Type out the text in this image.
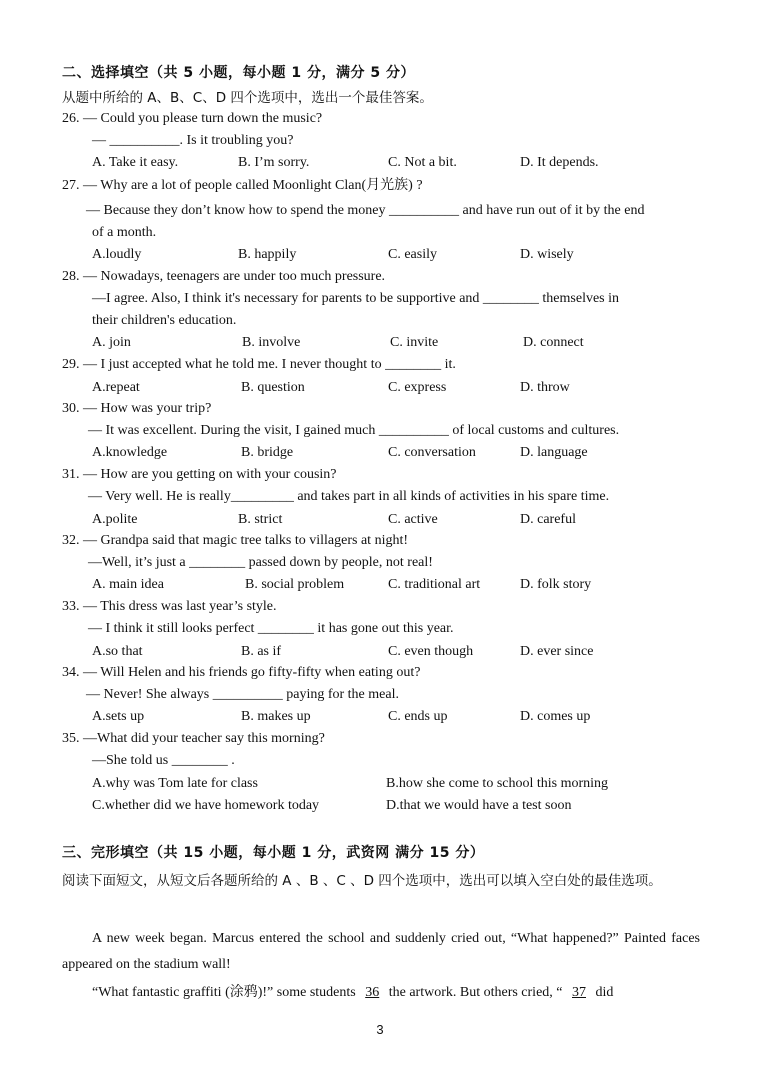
二、选择填空（共 5 小题，每小题 1 分，满分 5 分）
从题中所给的 A、B、C、D 四个选项中，选出一个最佳答案。
26. — Could you please turn down the music?
— __________. Is it troubling you?
A. Take it easy.	B. I’m sorry.	C. Not a bit.	D. It depends.
27. — Why are a lot of people called Moonlight Clan(月光族) ?
— Because they don’t know how to spend the money __________ and have run out of it by the end
of a month.
A.loudly	B. happily	C. easily	D. wisely
28. — Nowadays, teenagers are under too much pressure.
—I agree. Also, I think it's necessary for parents to be supportive and ________ themselves in
their children's education.
A. join	B. involve	C. invite	D. connect
29. — I just accepted what he told me. I never thought to ________ it.
A.repeat	B. question	C. express	D. throw
30. — How was your trip?
— It was excellent. During the visit, I gained much __________ of local customs and cultures.
A.knowledge	B. bridge	C. conversation	D. language
31. — How are you getting on with your cousin?
— Very well. He is really_________ and takes part in all kinds of activities in his spare time.
A.polite	B. strict	C. active	D. careful
32. — Grandpa said that magic tree talks to villagers at night!
—Well, it’s just a ________ passed down by people, not real!
A. main idea	B. social problem	C. traditional art	D. folk story
33. — This dress was last year’s style.
— I think it still looks perfect ________ it has gone out this year.
A.so that	B. as if	C. even though	D. ever since
34. — Will Helen and his friends go fifty-fifty when eating out?
— Never! She always __________ paying for the meal.
A.sets up	B. makes up	C. ends up	D. comes up
35. —What did your teacher say this morning?
—She told us ________ .
A.why was Tom late for class	B.how she come to school this morning
C.whether did we have homework today	D.that we would have a test soon
三、完形填空（共 15 小题，每小题 1 分，武资网 满分 15 分）
阅读下面短文，从短文后各题所给的 A 、B 、C 、D 四个选项中，选出可以填入空白处的最佳选项。
A new week began. Marcus entered the school and suddenly cried out, “What happened?” Painted faces appeared on the stadium wall!
“What fantastic graffiti (涂鸦)!” some students 36 the artwork. But others cried, “ 37 did
3
